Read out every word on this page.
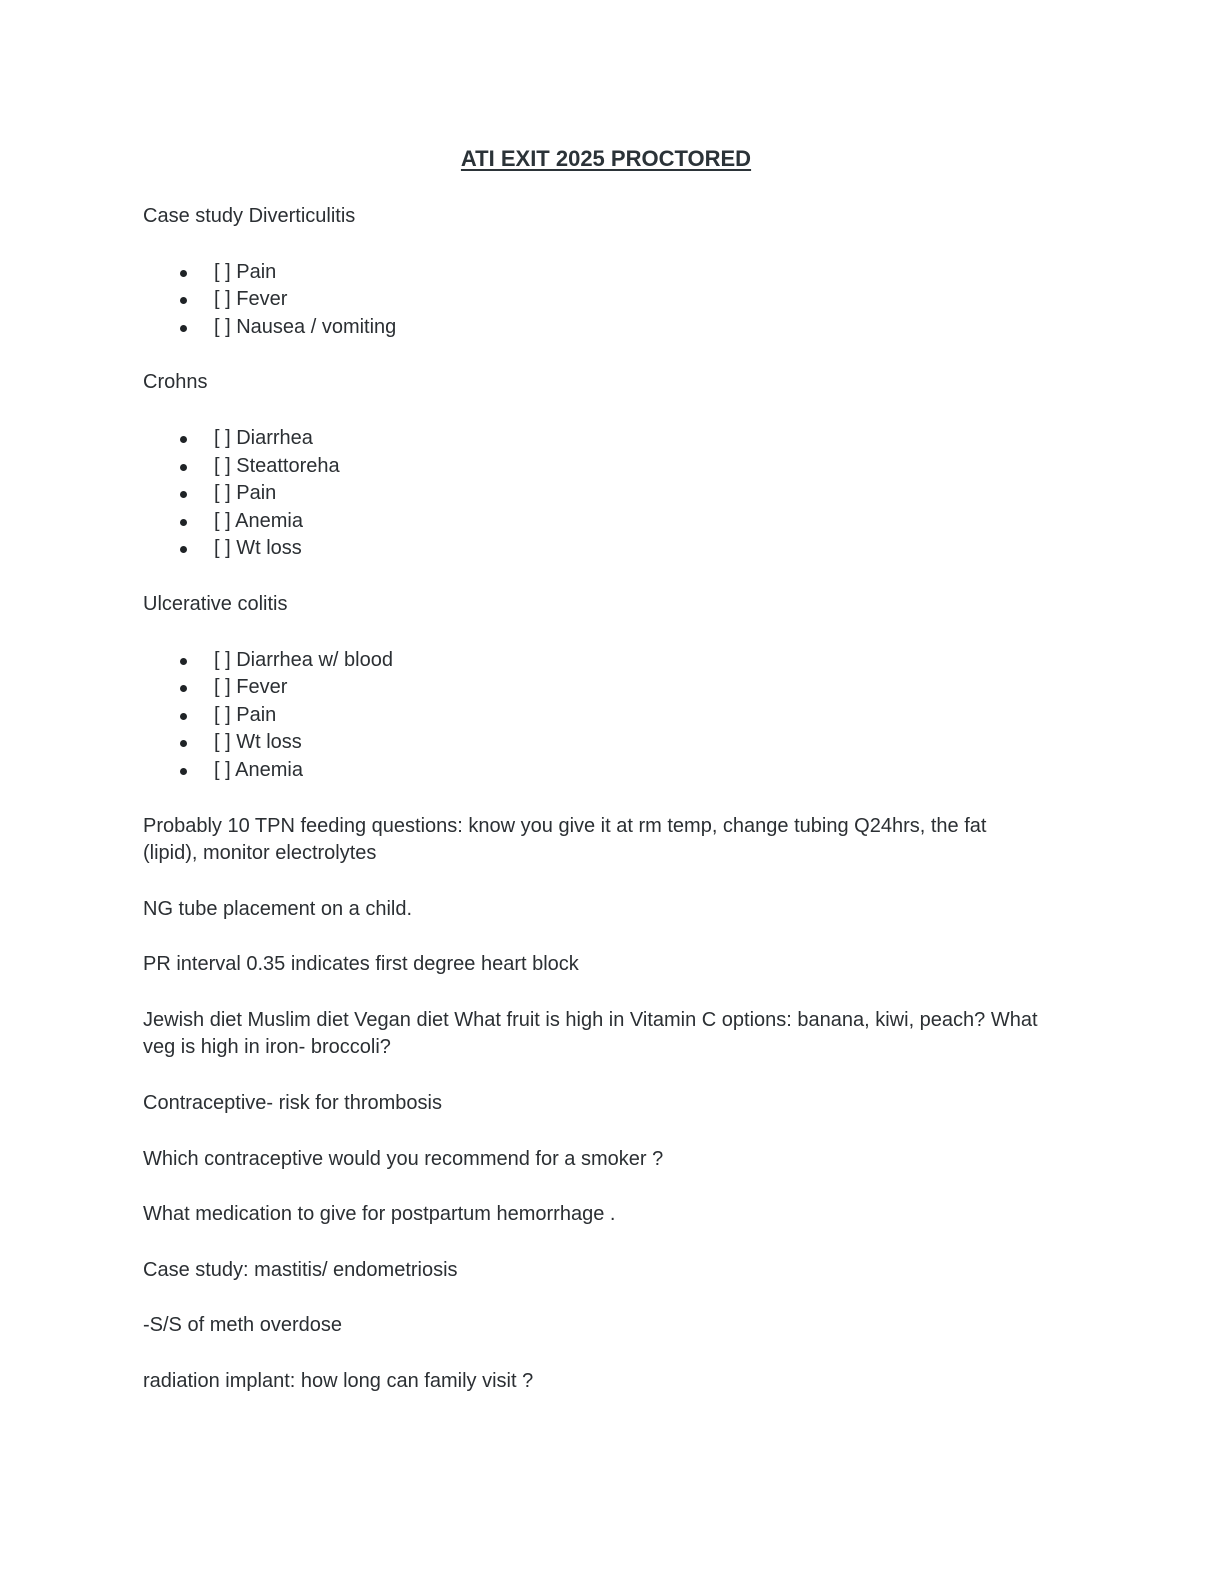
ATI EXIT 2025 PROCTORED

Case study Diverticulitis

[ ] Pain
[ ] Fever
[ ] Nausea / vomiting

Crohns

[ ] Diarrhea
[ ] Steattoreha
[ ] Pain
[ ] Anemia
[ ] Wt loss

Ulcerative colitis

[ ] Diarrhea w/ blood
[ ] Fever
[ ] Pain
[ ] Wt loss
[ ] Anemia

Probably 10 TPN feeding questions: know you give it at rm temp, change tubing Q24hrs, the fat (lipid), monitor electrolytes

NG tube placement on a child.

PR interval 0.35 indicates first degree heart block

Jewish diet Muslim diet Vegan diet What fruit is high in Vitamin C options: banana, kiwi, peach? What veg is high in iron- broccoli?

Contraceptive- risk for thrombosis

Which contraceptive would you recommend for a smoker ?

What medication to give for postpartum hemorrhage .

Case study: mastitis/ endometriosis

-S/S of meth overdose

radiation implant: how long can family visit ?
